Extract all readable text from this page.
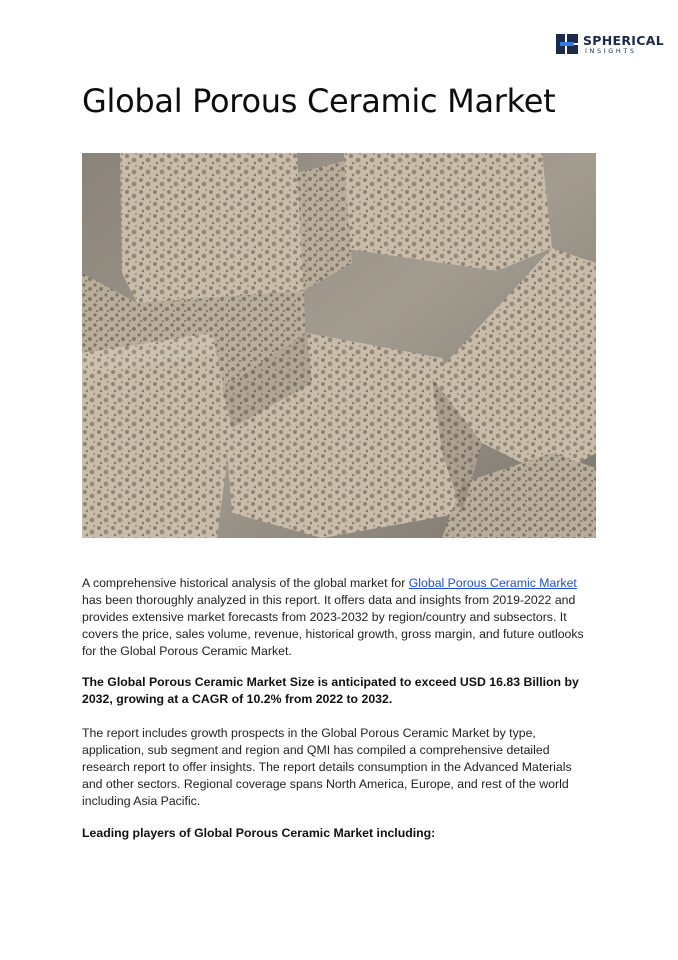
SPHERICAL
INSIGHTS
Global Porous Ceramic Market

A comprehensive historical analysis of the global market for Global Porous Ceramic Market has been thoroughly analyzed in this report. It offers data and insights from 2019-2022 and provides extensive market forecasts from 2023-2032 by region/country and subsectors. It covers the price, sales volume, revenue, historical growth, gross margin, and future outlooks for the Global Porous Ceramic Market.

The Global Porous Ceramic Market Size is anticipated to exceed USD 16.83 Billion by 2032, growing at a CAGR of 10.2% from 2022 to 2032.

The report includes growth prospects in the Global Porous Ceramic Market by type, application, sub segment and region and QMI has compiled a comprehensive detailed research report to offer insights. The report details consumption in the Advanced Materials and other sectors. Regional coverage spans North America, Europe, and rest of the world including Asia Pacific.

Leading players of Global Porous Ceramic Market including:
